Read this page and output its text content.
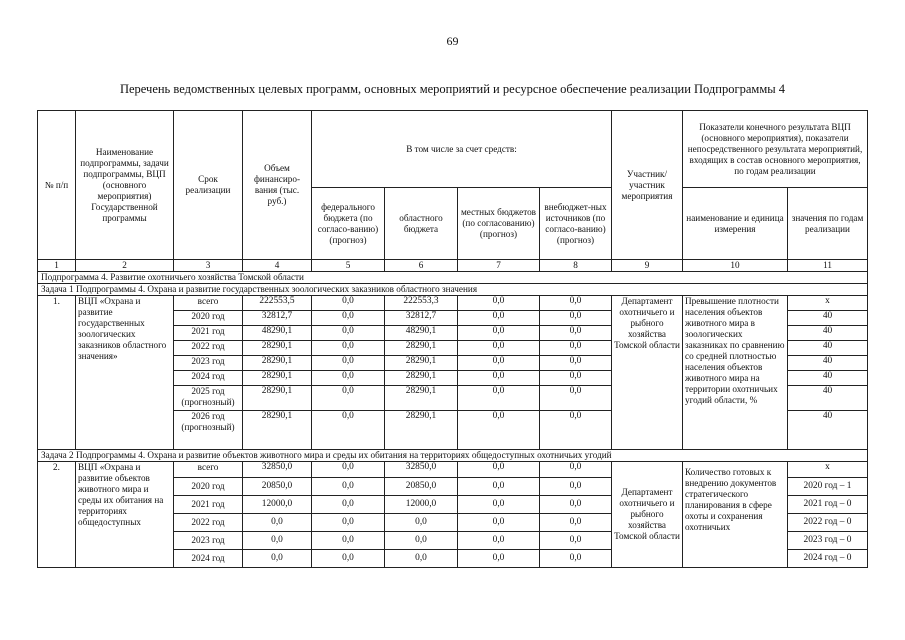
69
Перечень ведомственных целевых программ, основных мероприятий и ресурсное обеспечение реализации Подпрограммы 4
№ п/п	Наименование подпрограммы, задачи подпрограммы, ВЦП (основного мероприятия) Государственной программы	Срок реализации	Объем финансиро-вания (тыс. руб.)	В том числе за счет средств:				Участник/ участник мероприятия	Показатели конечного результата ВЦП (основного мероприятия), показатели непосредственного результата мероприятий, входящих в состав основного мероприятия, по годам реализации	
				федерального бюджета (по согласо-ванию) (прогноз)	областного бюджета	местных бюджетов (по согласованию) (прогноз)	внебюджет-ных источников (по согласо-ванию) (прогноз)		наименование и единица измерения	значения по годам реализации
1	2	3	4	5	6	7	8	9	10	11
Подпрограмма 4. Развитие охотничьего хозяйства Томской области										
Задача 1 Подпрограммы 4. Охрана и развитие государственных зоологических заказников областного значения										
1.	ВЦП «Охрана и развитие государственных зоологических заказников областного значения»	всего	222553,5	0,0	222553,3	0,0	0,0	Департамент охотничьего и рыбного хозяйства Томской области	Превышение плотности населения объектов животного мира в зоологических заказниках по сравнению со средней плотностью населения объектов животного мира на территории охотничьих угодий области, %	x
		2020 год	32812,7	0,0	32812,7	0,0	0,0			40
		2021 год	48290,1	0,0	48290,1	0,0	0,0			40
		2022 год	28290,1	0,0	28290,1	0,0	0,0			40
		2023 год	28290,1	0,0	28290,1	0,0	0,0			40
		2024 год	28290,1	0,0	28290,1	0,0	0,0			40
		2025 год (прогнозный)	28290,1	0,0	28290,1	0,0	0,0			40
		2026 год (прогнозный)	28290,1	0,0	28290,1	0,0	0,0			40
Задача 2 Подпрограммы 4. Охрана и развитие объектов животного мира и среды их обитания на территориях общедоступных охотничьих угодий										
2.	ВЦП «Охрана и развитие объектов животного мира и среды их обитания на территориях общедоступных	всего	32850,0	0,0	32850,0	0,0	0,0	Департамент охотничьего и рыбного хозяйства Томской области	Количество готовых к внедрению документов стратегического планирования в сфере охоты и сохранения охотничьих	x
		2020 год	20850,0	0,0	20850,0	0,0	0,0			2020 год – 1
		2021 год	12000,0	0,0	12000,0	0,0	0,0			2021 год – 0
		2022 год	0,0	0,0	0,0	0,0	0,0			2022 год – 0
		2023 год	0,0	0,0	0,0	0,0	0,0			2023 год – 0
		2024 год	0,0	0,0	0,0	0,0	0,0			2024 год – 0
